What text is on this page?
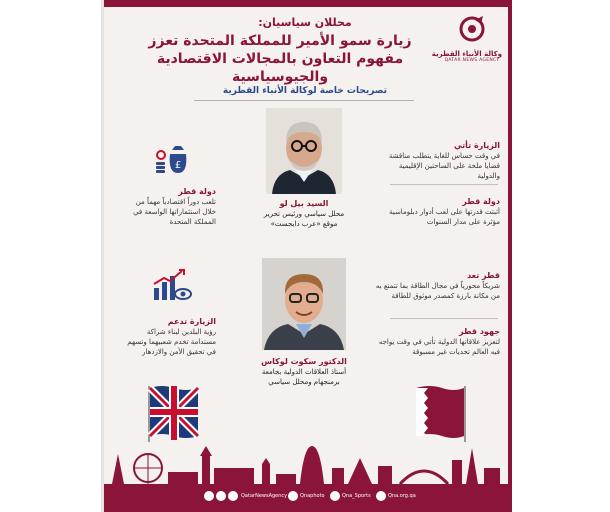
وكالة الأنباء القطرية
QATAR NEWS AGENCY
محللان سياسيان:
زيارة سمو الأمير للمملكة المتحدة تعزز مفهوم التعاون بالمجالات الاقتصادية والجيوسياسية
تصريحات خاصة لوكالة الأنباء القطرية
الزيارة تأتي
في وقت حساس للغاية يتطلب مناقشة قضايا ملحة على الساحتين الإقليمية والدولية
دولة قطر
أثبتت قدرتها على لعب أدوار دبلوماسية مؤثرة على مدار السنوات
قطر تعد
شريكاً محورياً في مجال الطاقة بما تتمتع به من مكانة بارزة كمصدر موثوق للطاقة
جهود قطر
لتعزيز علاقاتها الدولية تأتي في وقت يواجه فيه العالم تحديات غير مسبوقة
£
دولة قطر
تلعب دوراً اقتصادياً مهماً من خلال استثماراتها الواسعة في المملكة المتحدة
الزيارة تدعم
رؤية البلدين لبناء شراكة مستدامة تخدم شعبيهما وتسهم في تحقيق الأمن والازدهار
السيد بيل لو
محلل سياسي ورئيس تحرير موقع «عرب دايجست»
الدكتور سكوت لوكاس
أستاذ العلاقات الدولية بجامعة برمنجهام ومحلل سياسي
QatarNewsAgency	Qnaphoto	Qna_Sports	Qna.org.qa
